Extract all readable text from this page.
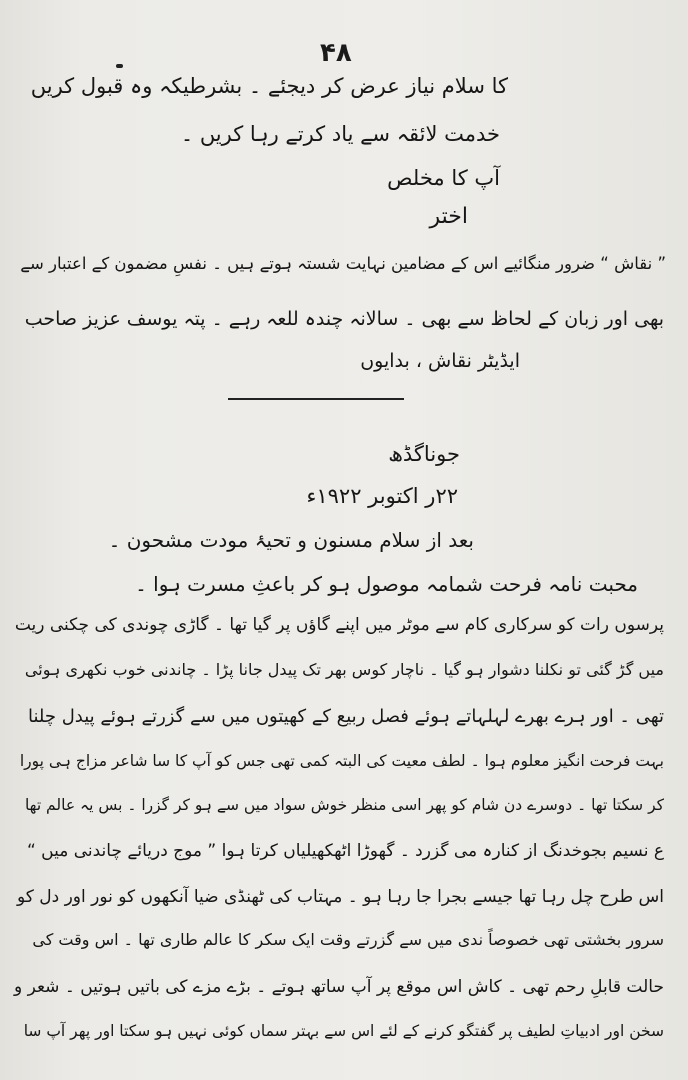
۴۸
کا سلام نیاز عرض کر دیجئے ۔ بشرطیکہ وہ قبول کریں
خدمت لائقہ سے یاد کرتے رہا کریں ۔
آپ کا مخلص
اختر
” نقاش “ ضرور منگائیے اس کے مضامین نہایت شستہ ہوتے ہیں ۔ نفسِ مضمون کے اعتبار سے
بھی اور زبان کے لحاظ سے بھی ۔ سالانہ چندہ للعہ رہے ۔ پتہ یوسف عزیز صاحب
ایڈیٹر نقاش ، بدایوں
جوناگڈھ
۲۲ر اکتوبر ۱۹۲۲ء
بعد از سلام مسنون و تحیۂ مودت مشحون ۔
محبت نامہ فرحت شمامہ موصول ہو کر باعثِ مسرت ہوا ۔
پرسوں رات کو سرکاری کام سے موٹر میں اپنے گاؤں پر گیا تھا ۔ گاڑی چوندی کی چکنی ریت
میں گڑ گئی تو نکلنا دشوار ہو گیا ۔ ناچار کوس بھر تک پیدل جانا پڑا ۔ چاندنی خوب نکھری ہوئی
تھی ۔ اور ہرے بھرے لہلہاتے ہوئے فصل ربیع کے کھیتوں میں سے گزرتے ہوئے پیدل چلنا
بہت فرحت انگیز معلوم ہوا ۔ لطف معیت کی البتہ کمی تھی جس کو آپ کا سا شاعر مزاج ہی پورا
کر سکتا تھا ۔ دوسرے دن شام کو پھر اسی منظر خوش سواد میں سے ہو کر گزرا ۔ بس یہ عالم تھا
ع نسیم بجوخدنگ از کنارہ می گزرد ۔ گھوڑا اٹھکھیلیاں کرتا ہوا ” موج دریائے چاندنی میں “
اس طرح چل رہا تھا جیسے بجرا جا رہا ہو ۔ مہتاب کی ٹھنڈی ضیا آنکھوں کو نور اور دل کو
سرور بخشتی تھی خصوصاً ندی میں سے گزرتے وقت ایک سکر کا عالم طاری تھا ۔ اس وقت کی
حالت قابلِ رحم تھی ۔ کاش اس موقع پر آپ ساتھ ہوتے ۔ بڑے مزے کی باتیں ہوتیں ۔ شعر و
سخن اور ادبیاتِ لطیف پر گفتگو کرنے کے لئے اس سے بہتر سماں کوئی نہیں ہو سکتا اور پھر آپ سا
